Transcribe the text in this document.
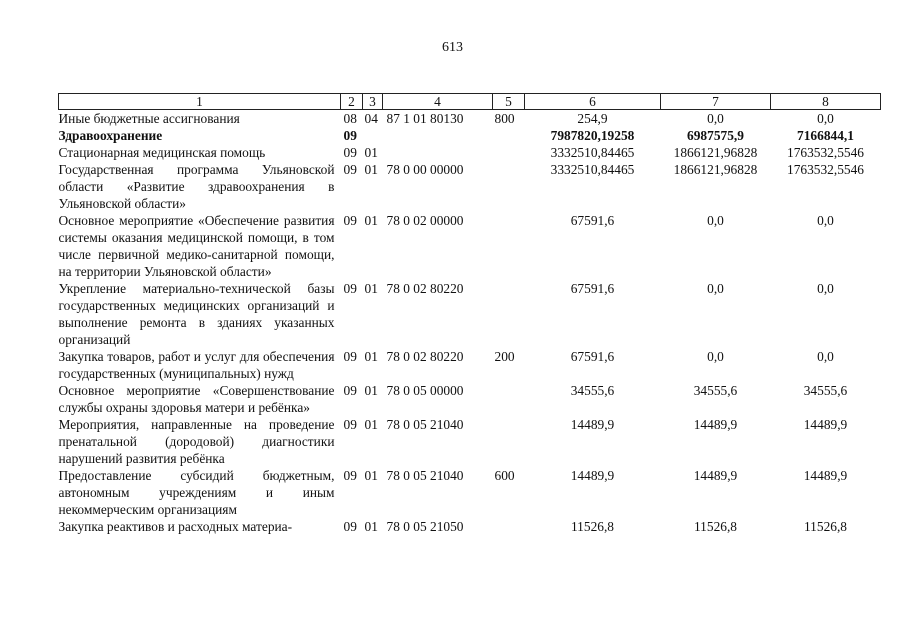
613
1	2	3	4	5	6	7	8
Иные бюджетные ассигнования	08	04	87 1 01 80130	800	254,9	0,0	0,0
Здравоохранение	09				7987820,19258	6987575,9	7166844,1
Стационарная медицинская помощь	09	01			3332510,84465	1866121,96828	1763532,5546
Государственная программа Ульяновской области «Развитие здравоохранения в Ульяновской области»	09	01	78 0 00 00000		3332510,84465	1866121,96828	1763532,5546
Основное мероприятие «Обеспечение развития системы оказания медицинской помощи, в том числе первичной медико-санитарной помощи, на территории Ульяновской области»	09	01	78 0 02 00000		67591,6	0,0	0,0
Укрепление материально-технической базы государственных медицинских организаций и выполнение ремонта в зданиях указанных организаций	09	01	78 0 02 80220		67591,6	0,0	0,0
Закупка товаров, работ и услуг для обеспечения государственных (муниципальных) нужд	09	01	78 0 02 80220	200	67591,6	0,0	0,0
Основное мероприятие «Совершенствование службы охраны здоровья матери и ребёнка»	09	01	78 0 05 00000		34555,6	34555,6	34555,6
Мероприятия, направленные на проведение пренатальной (дородовой) диагностики нарушений развития ребёнка	09	01	78 0 05 21040		14489,9	14489,9	14489,9
Предоставление субсидий бюджетным, автономным учреждениям и иным некоммерческим организациям	09	01	78 0 05 21040	600	14489,9	14489,9	14489,9
Закупка реактивов и расходных материа-	09	01	78 0 05 21050		11526,8	11526,8	11526,8
